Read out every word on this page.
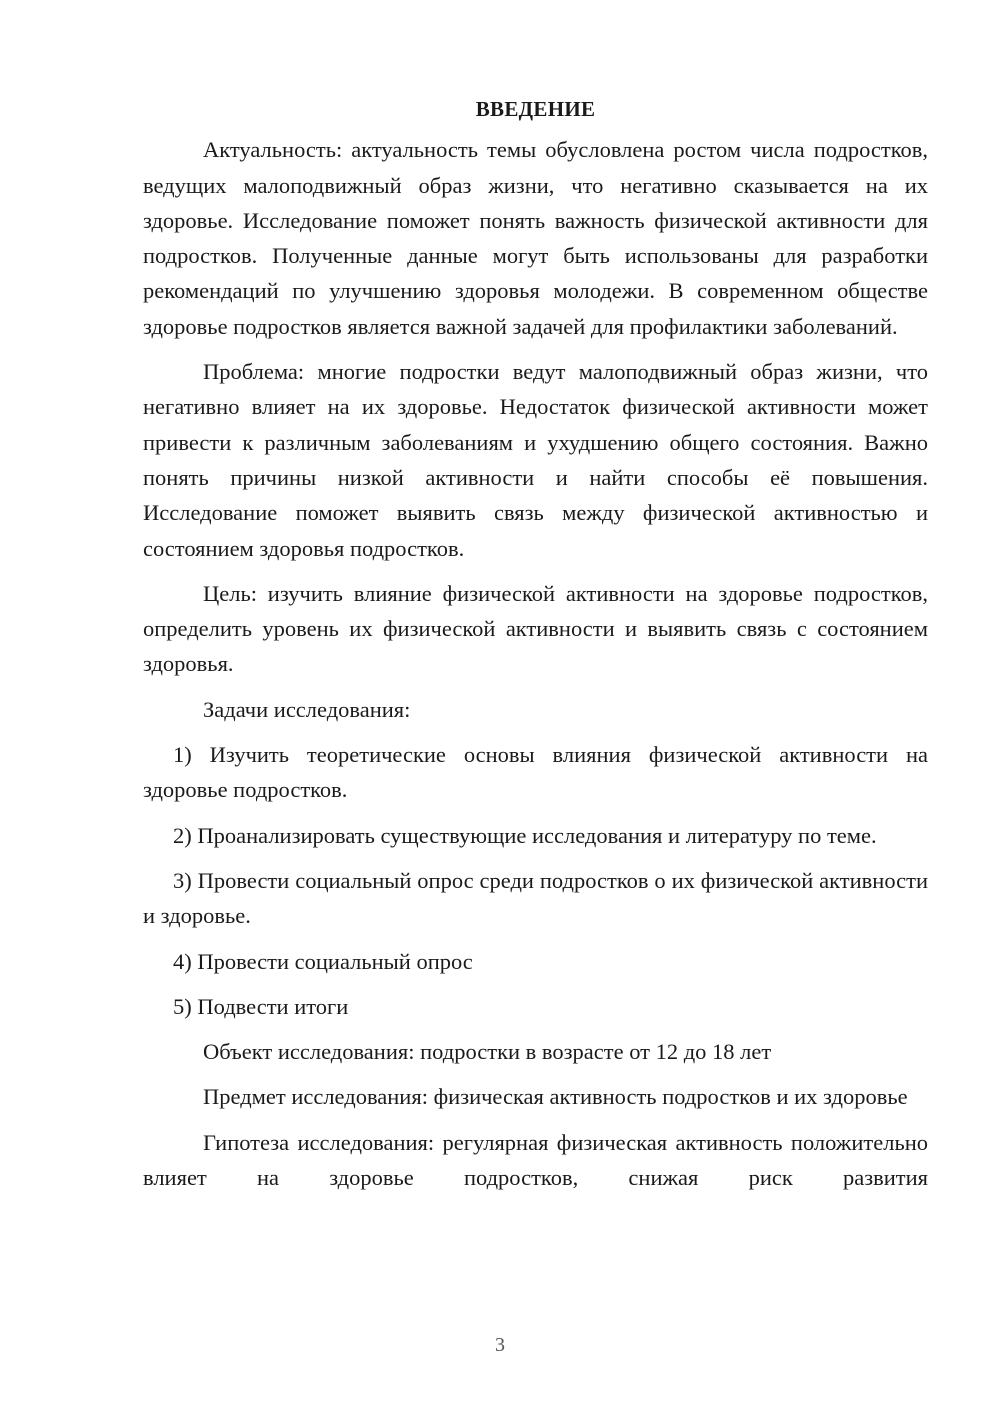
ВВЕДЕНИЕ

Актуальность: актуальность темы обусловлена ростом числа подростков, ведущих малоподвижный образ жизни, что негативно сказывается на их здоровье. Исследование поможет понять важность физической активности для подростков. Полученные данные могут быть использованы для разработки рекомендаций по улучшению здоровья молодежи. В современном обществе здоровье подростков является важной задачей для профилактики заболеваний.

Проблема: многие подростки ведут малоподвижный образ жизни, что негативно влияет на их здоровье. Недостаток физической активности может привести к различным заболеваниям и ухудшению общего состояния. Важно понять причины низкой активности и найти способы её повышения. Исследование поможет выявить связь между физической активностью и состоянием здоровья подростков.

Цель: изучить влияние физической активности на здоровье подростков, определить уровень их физической активности и выявить связь с состоянием здоровья.

Задачи исследования:

1) Изучить теоретические основы влияния физической активности на здоровье подростков.

2) Проанализировать существующие исследования и литературу по теме.

3) Провести социальный опрос среди подростков о их физической активности и здоровье.

4) Провести социальный опрос

5) Подвести итоги

Объект исследования: подростки в возрасте от 12 до 18 лет

Предмет исследования: физическая активность подростков и их здоровье

Гипотеза исследования: регулярная физическая активность положительно влияет на здоровье подростков, снижая риск развития

3
